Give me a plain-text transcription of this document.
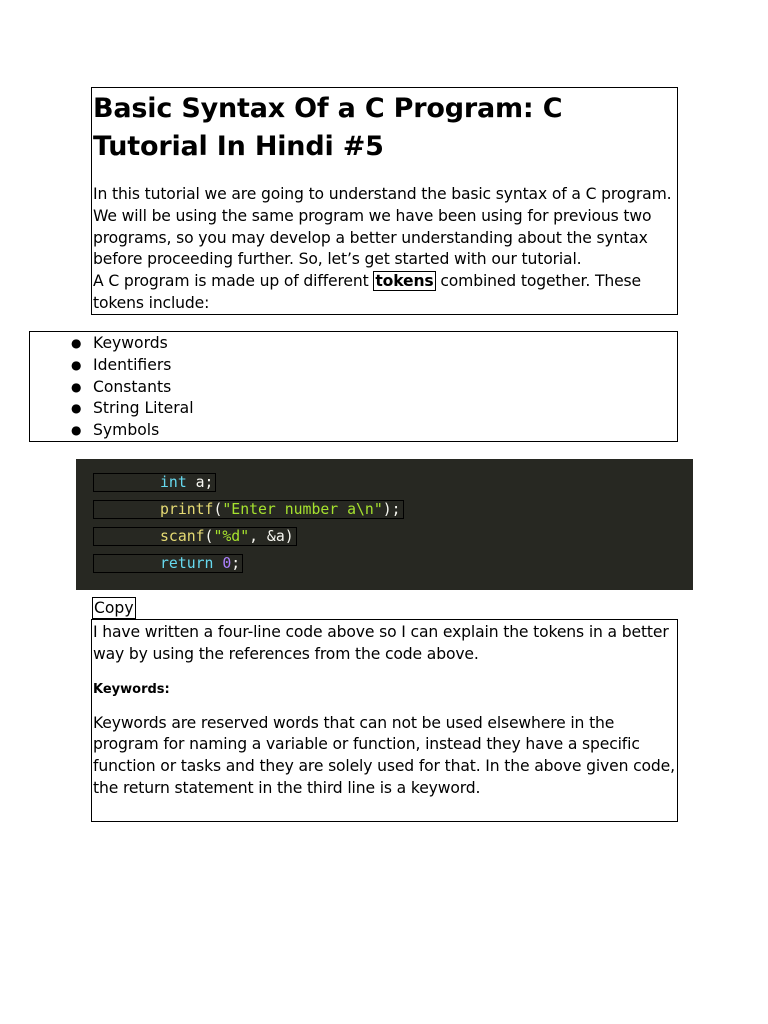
Basic Syntax Of a C Program: C Tutorial In Hindi #5

In this tutorial we are going to understand the basic syntax of a C program. We will be using the same program we have been using for previous two programs, so you may develop a better understanding about the syntax before proceeding further. So, let’s get started with our tutorial.

A C program is made up of different tokens combined together. These tokens include:

● Keywords
● Identifiers
● Constants
● String Literal
● Symbols
int a;
printf("Enter number a\n");
scanf("%d", &a)
return 0;
Copy

I have written a four-line code above so I can explain the tokens in a better way by using the references from the code above.

Keywords:

Keywords are reserved words that can not be used elsewhere in the program for naming a variable or function, instead they have a specific function or tasks and they are solely used for that. In the above given code, the return statement in the third line is a keyword.
